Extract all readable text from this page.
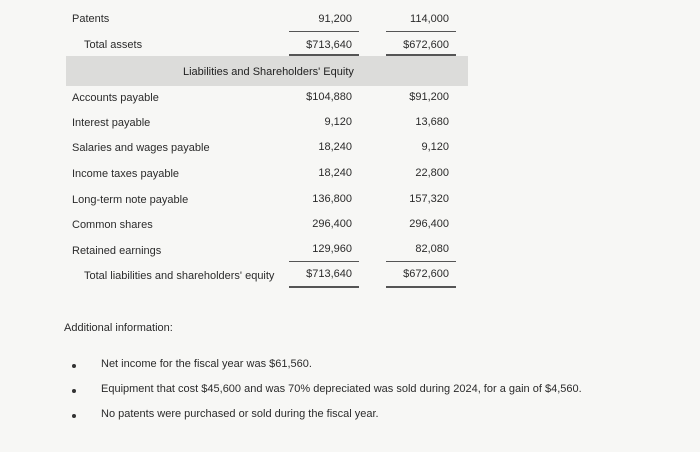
Patents	91,200	114,000
Total assets	$713,640	$672,600
Liabilities and Shareholders' Equity
Accounts payable	$104,880	$91,200
Interest payable	9,120	13,680
Salaries and wages payable	18,240	9,120
Income taxes payable	18,240	22,800
Long-term note payable	136,800	157,320
Common shares	296,400	296,400
Retained earnings	129,960	82,080
Total liabilities and shareholders' equity	$713,640	$672,600
Additional information:
Net income for the fiscal year was $61,560.
Equipment that cost $45,600 and was 70% depreciated was sold during 2024, for a gain of $4,560.
No patents were purchased or sold during the fiscal year.
